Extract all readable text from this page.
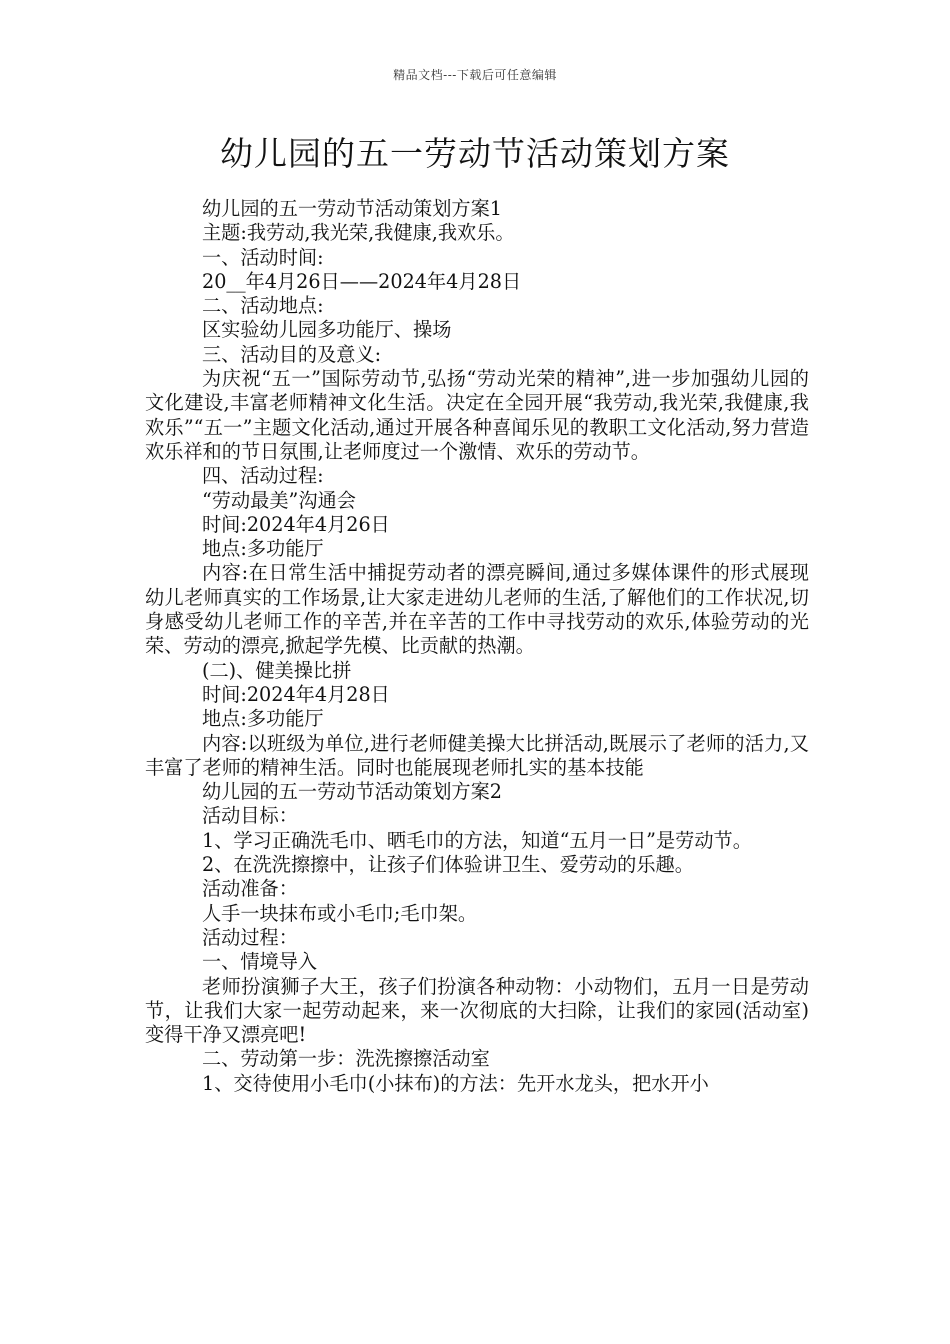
精品文档---下载后可任意编辑
幼儿园的五一劳动节活动策划方案

幼儿园的五一劳动节活动策划方案1

主题:我劳动,我光荣,我健康,我欢乐。

一、活动时间:

20__年4月26日——2024年4月28日

二、活动地点:

区实验幼儿园多功能厅、操场

三、活动目的及意义:

为庆祝“五一”国际劳动节,弘扬“劳动光荣的精神”,进一步加强幼儿园的文化建设,丰富老师精神文化生活。决定在全园开展“我劳动,我光荣,我健康,我欢乐”“五一”主题文化活动,通过开展各种喜闻乐见的教职工文化活动,努力营造欢乐祥和的节日氛围,让老师度过一个激情、欢乐的劳动节。

四、活动过程:

“劳动最美”沟通会

时间:2024年4月26日

地点:多功能厅

内容:在日常生活中捕捉劳动者的漂亮瞬间,通过多媒体课件的形式展现幼儿老师真实的工作场景,让大家走进幼儿老师的生活,了解他们的工作状况,切身感受幼儿老师工作的辛苦,并在辛苦的工作中寻找劳动的欢乐,体验劳动的光荣、劳动的漂亮,掀起学先模、比贡献的热潮。

(二)、健美操比拼

时间:2024年4月28日

地点:多功能厅

内容:以班级为单位,进行老师健美操大比拼活动,既展示了老师的活力,又丰富了老师的精神生活。同时也能展现老师扎实的基本技能

幼儿园的五一劳动节活动策划方案2

活动目标：

1、学习正确洗毛巾、晒毛巾的方法，知道“五月一日”是劳动节。

2、在洗洗擦擦中，让孩子们体验讲卫生、爱劳动的乐趣。

活动准备：

人手一块抹布或小毛巾;毛巾架。

活动过程：

一、情境导入

老师扮演狮子大王，孩子们扮演各种动物：小动物们，五月一日是劳动节，让我们大家一起劳动起来，来一次彻底的大扫除，让我们的家园(活动室)变得干净又漂亮吧!

二、劳动第一步：洗洗擦擦活动室

1、交待使用小毛巾(小抹布)的方法：先开水龙头，把水开小
